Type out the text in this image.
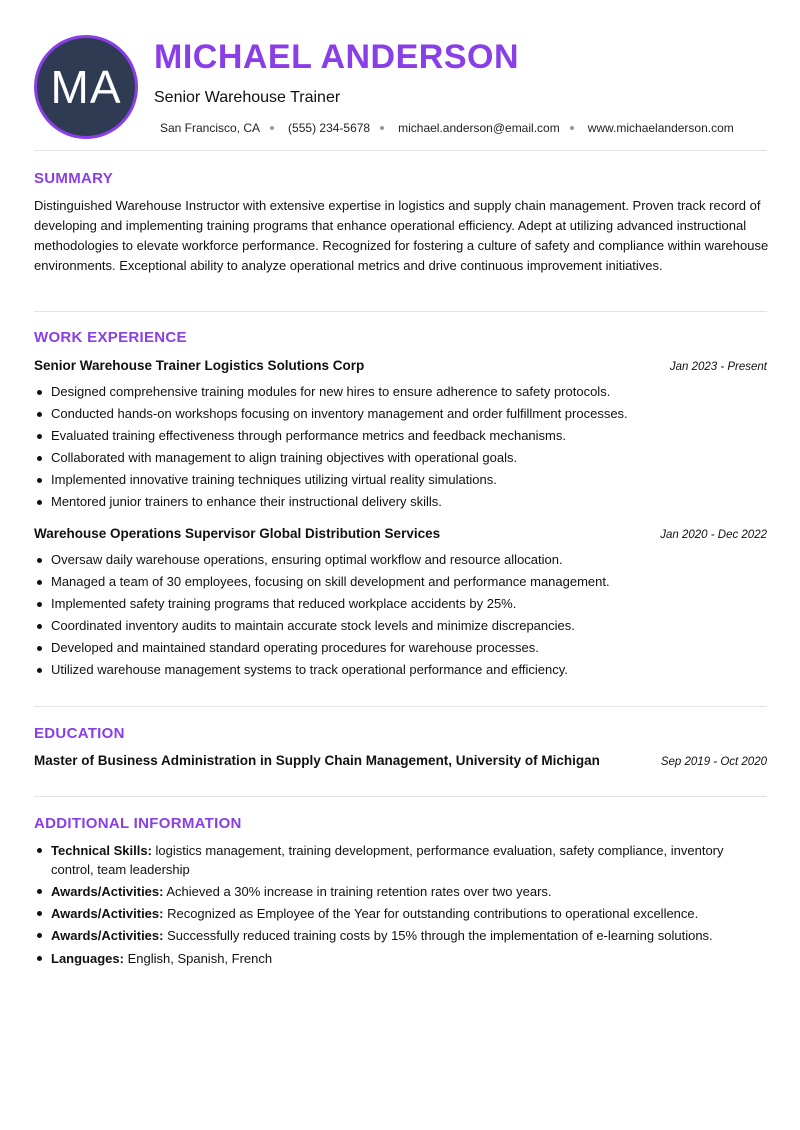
MA
MICHAEL ANDERSON
Senior Warehouse Trainer
San Francisco, CA (555) 234-5678 michael.anderson@email.com www.michaelanderson.com
SUMMARY
Distinguished Warehouse Instructor with extensive expertise in logistics and supply chain management. Proven track record of developing and implementing training programs that enhance operational efficiency. Adept at utilizing advanced instructional methodologies to elevate workforce performance. Recognized for fostering a culture of safety and compliance within warehouse environments. Exceptional ability to analyze operational metrics and drive continuous improvement initiatives.
WORK EXPERIENCE
Senior Warehouse Trainer Logistics Solutions Corp	Jan 2023 - Present
Designed comprehensive training modules for new hires to ensure adherence to safety protocols.
Conducted hands-on workshops focusing on inventory management and order fulfillment processes.
Evaluated training effectiveness through performance metrics and feedback mechanisms.
Collaborated with management to align training objectives with operational goals.
Implemented innovative training techniques utilizing virtual reality simulations.
Mentored junior trainers to enhance their instructional delivery skills.
Warehouse Operations Supervisor Global Distribution Services	Jan 2020 - Dec 2022
Oversaw daily warehouse operations, ensuring optimal workflow and resource allocation.
Managed a team of 30 employees, focusing on skill development and performance management.
Implemented safety training programs that reduced workplace accidents by 25%.
Coordinated inventory audits to maintain accurate stock levels and minimize discrepancies.
Developed and maintained standard operating procedures for warehouse processes.
Utilized warehouse management systems to track operational performance and efficiency.
EDUCATION
Master of Business Administration in Supply Chain Management, University of Michigan	Sep 2019 - Oct 2020
ADDITIONAL INFORMATION
Technical Skills: logistics management, training development, performance evaluation, safety compliance, inventory control, team leadership
Awards/Activities: Achieved a 30% increase in training retention rates over two years.
Awards/Activities: Recognized as Employee of the Year for outstanding contributions to operational excellence.
Awards/Activities: Successfully reduced training costs by 15% through the implementation of e-learning solutions.
Languages: English, Spanish, French
